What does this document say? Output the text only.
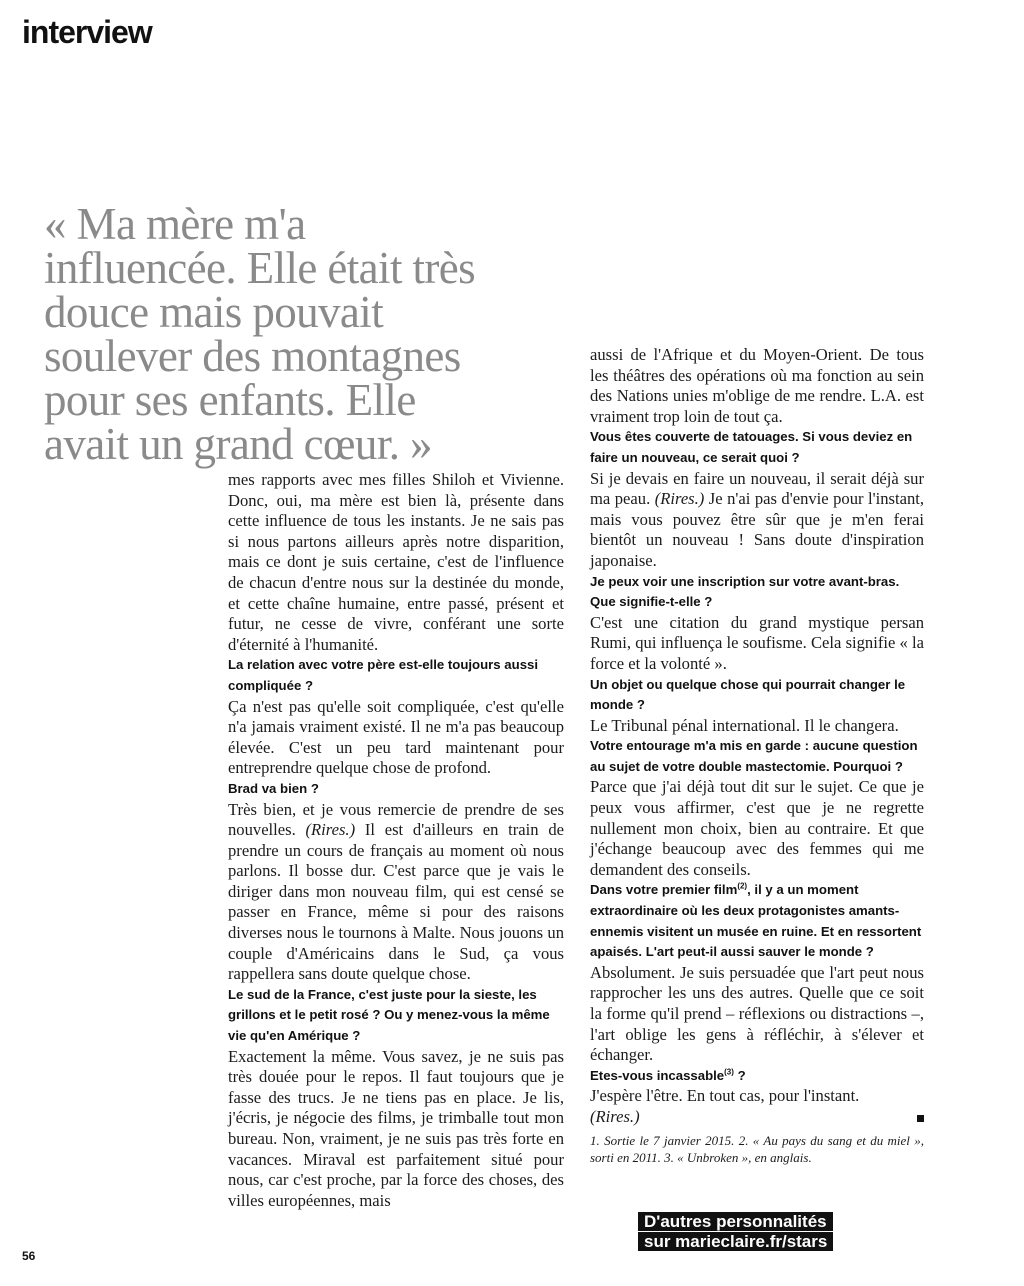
interview
« Ma mère m'a
influencée. Elle était très
douce mais pouvait
soulever des montagnes
pour ses enfants. Elle
avait un grand cœur. »

mes rapports avec mes filles Shiloh et Vivienne. Donc, oui, ma mère est bien là, présente dans cette influence de tous les instants. Je ne sais pas si nous partons ailleurs après notre disparition, mais ce dont je suis certaine, c'est de l'influence de chacun d'entre nous sur la destinée du monde, et cette chaîne humaine, entre passé, présent et futur, ne cesse de vivre, conférant une sorte d'éternité à l'humanité.

La relation avec votre père est-elle toujours aussi compliquée ?

Ça n'est pas qu'elle soit compliquée, c'est qu'elle n'a jamais vraiment existé. Il ne m'a pas beaucoup élevée. C'est un peu tard maintenant pour entreprendre quelque chose de profond.

Brad va bien ?

Très bien, et je vous remercie de prendre de ses nouvelles. (Rires.) Il est d'ailleurs en train de prendre un cours de français au moment où nous parlons. Il bosse dur. C'est parce que je vais le diriger dans mon nouveau film, qui est censé se passer en France, même si pour des raisons diverses nous le tournons à Malte. Nous jouons un couple d'Américains dans le Sud, ça vous rappellera sans doute quelque chose.

Le sud de la France, c'est juste pour la sieste, les grillons et le petit rosé ? Ou y menez-vous la même vie qu'en Amérique ?

Exactement la même. Vous savez, je ne suis pas très douée pour le repos. Il faut toujours que je fasse des trucs. Je ne tiens pas en place. Je lis, j'écris, je négocie des films, je trimballe tout mon bureau. Non, vraiment, je ne suis pas très forte en vacances. Miraval est parfaitement situé pour nous, car c'est proche, par la force des choses, des villes européennes, mais

aussi de l'Afrique et du Moyen-Orient. De tous les théâtres des opérations où ma fonction au sein des Nations unies m'oblige de me rendre. L.A. est vraiment trop loin de tout ça.

Vous êtes couverte de tatouages. Si vous deviez en faire un nouveau, ce serait quoi ?

Si je devais en faire un nouveau, il serait déjà sur ma peau. (Rires.) Je n'ai pas d'envie pour l'instant, mais vous pouvez être sûr que je m'en ferai bientôt un nouveau ! Sans doute d'inspiration japonaise.

Je peux voir une inscription sur votre avant-bras. Que signifie-t-elle ?

C'est une citation du grand mystique persan Rumi, qui influença le soufisme. Cela signifie « la force et la volonté ».

Un objet ou quelque chose qui pourrait changer le monde ?

Le Tribunal pénal international. Il le changera.

Votre entourage m'a mis en garde : aucune question au sujet de votre double mastectomie. Pourquoi ?

Parce que j'ai déjà tout dit sur le sujet. Ce que je peux vous affirmer, c'est que je ne regrette nullement mon choix, bien au contraire. Et que j'échange beaucoup avec des femmes qui me demandent des conseils.

Dans votre premier film$^{(2)}$, il y a un moment extraordinaire où les deux protagonistes amants-ennemis visitent un musée en ruine. Et en ressortent apaisés. L'art peut-il aussi sauver le monde ?

Absolument. Je suis persuadée que l'art peut nous rapprocher les uns des autres. Quelle que ce soit la forme qu'il prend – réflexions ou distractions –, l'art oblige les gens à réfléchir, à s'élever et échanger.

Etes-vous incassable$^{(3)}$ ?

J'espère l'être. En tout cas, pour l'instant.

(Rires.)

1. Sortie le 7 janvier 2015. 2. « Au pays du sang et du miel », sorti en 2011. 3. « Unbroken », en anglais.

D'autres personnalités
sur marieclaire.fr/stars
56
